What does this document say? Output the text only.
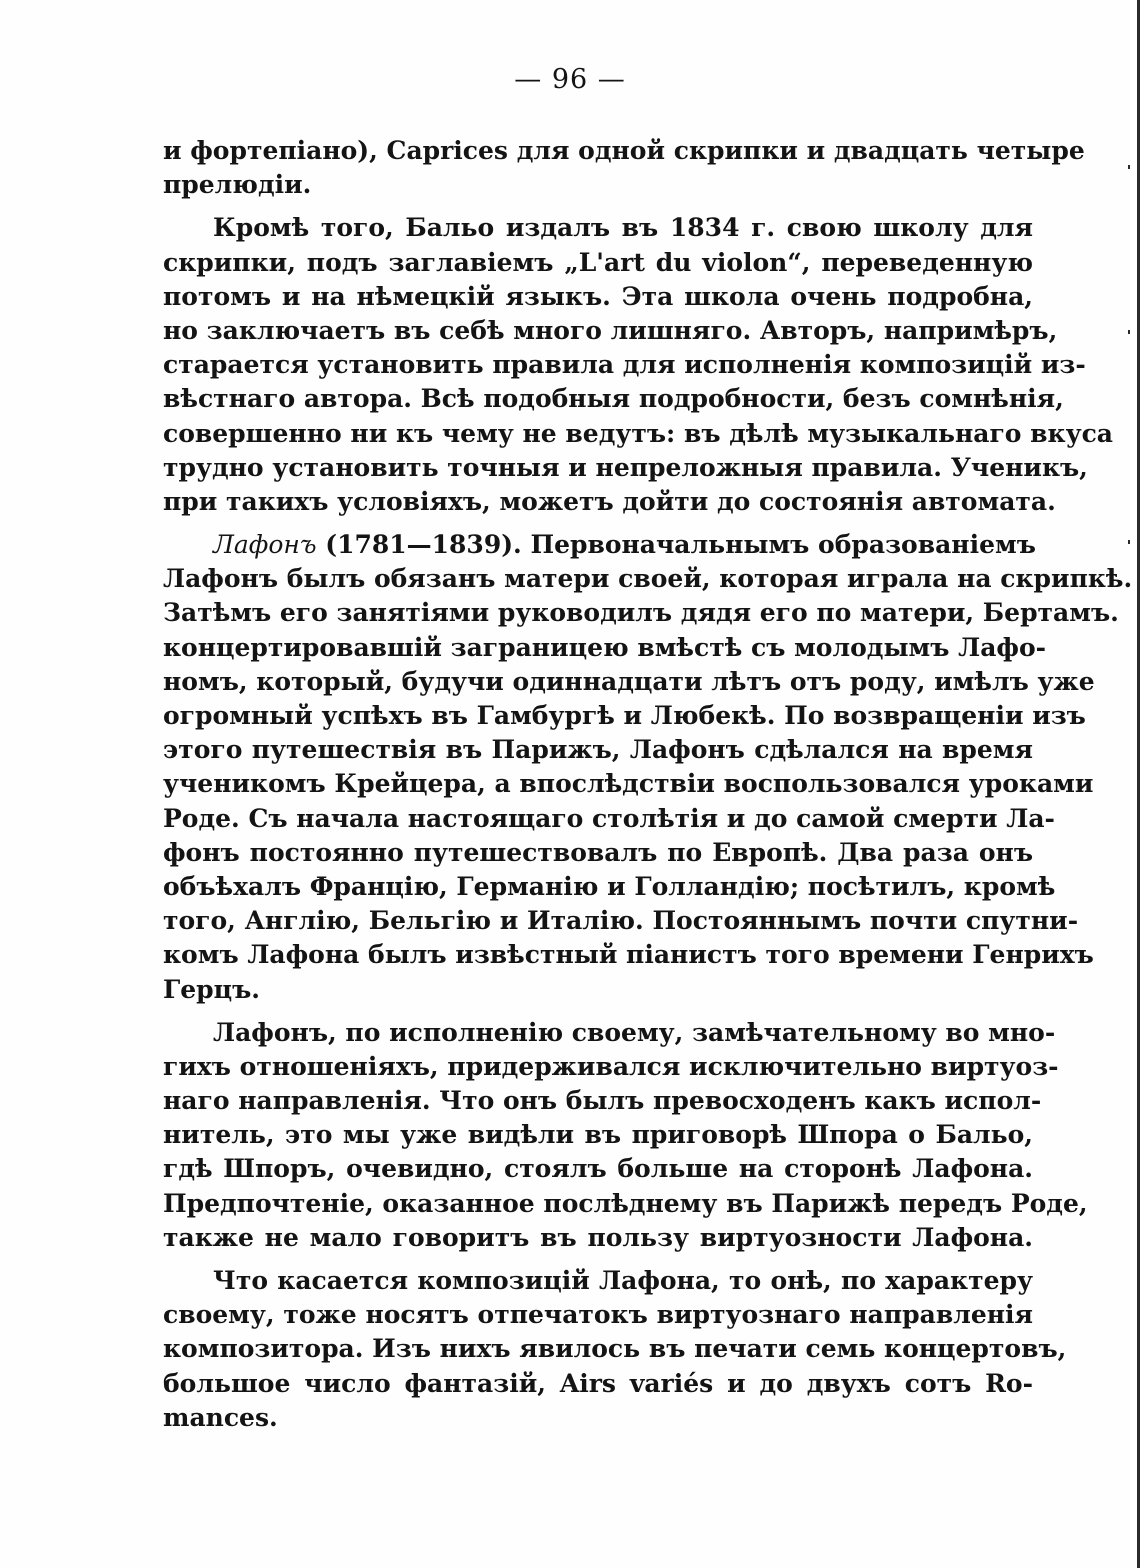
— 96 —
и фортепіано), Caprices для одной скрипки и двадцать четыре
прелюдіи.
Кромѣ того, Бальо издалъ въ 1834 г. свою школу для
скрипки, подъ заглавіемъ „L'art du violon“, переведенную
потомъ и на нѣмецкій языкъ. Эта школа очень подробна,
но заключаетъ въ себѣ много лишняго. Авторъ, напримѣръ,
старается установить правила для исполненія композицій из-
вѣстнаго автора. Всѣ подобныя подробности, безъ сомнѣнія,
совершенно ни къ чему не ведутъ: въ дѣлѣ музыкальнаго вкуса
трудно установить точныя и непреложныя правила. Ученикъ,
при такихъ условіяхъ, можетъ дойти до состоянія автомата.
Лафонъ (1781—1839). Первоначальнымъ образованіемъ
Лафонъ былъ обязанъ матери своей, которая играла на скрипкѣ.
Затѣмъ его занятіями руководилъ дядя его по матери, Бертамъ.
концертировавшій заграницею вмѣстѣ съ молодымъ Лафо-
номъ, который, будучи одиннадцати лѣтъ отъ роду, имѣлъ уже
огромный успѣхъ въ Гамбургѣ и Любекѣ. По возвращеніи изъ
этого путешествія въ Парижъ, Лафонъ сдѣлался на время
ученикомъ Крейцера, а впослѣдствіи воспользовался уроками
Роде. Съ начала настоящаго столѣтія и до самой смерти Ла-
фонъ постоянно путешествовалъ по Европѣ. Два раза онъ
объѣхалъ Францію, Германію и Голландію; посѣтилъ, кромѣ
того, Англію, Бельгію и Италію. Постояннымъ почти спутни-
комъ Лафона былъ извѣстный піанистъ того времени Генрихъ
Герцъ.
Лафонъ, по исполненію своему, замѣчательному во мно-
гихъ отношеніяхъ, придерживался исключительно виртуоз-
наго направленія. Что онъ былъ превосходенъ какъ испол-
нитель, это мы уже видѣли въ приговорѣ Шпора о Бальо,
гдѣ Шпоръ, очевидно, стоялъ больше на сторонѣ Лафона.
Предпочтеніе, оказанное послѣднему въ Парижѣ передъ Роде,
также не мало говоритъ въ пользу виртуозности Лафона.
Что касается композицій Лафона, то онѣ, по характеру
своему, тоже носятъ отпечатокъ виртуознаго направленія
композитора. Изъ нихъ явилось въ печати семь концертовъ,
большое число фантазій, Airs variés и до двухъ сотъ Ro-
mances.
